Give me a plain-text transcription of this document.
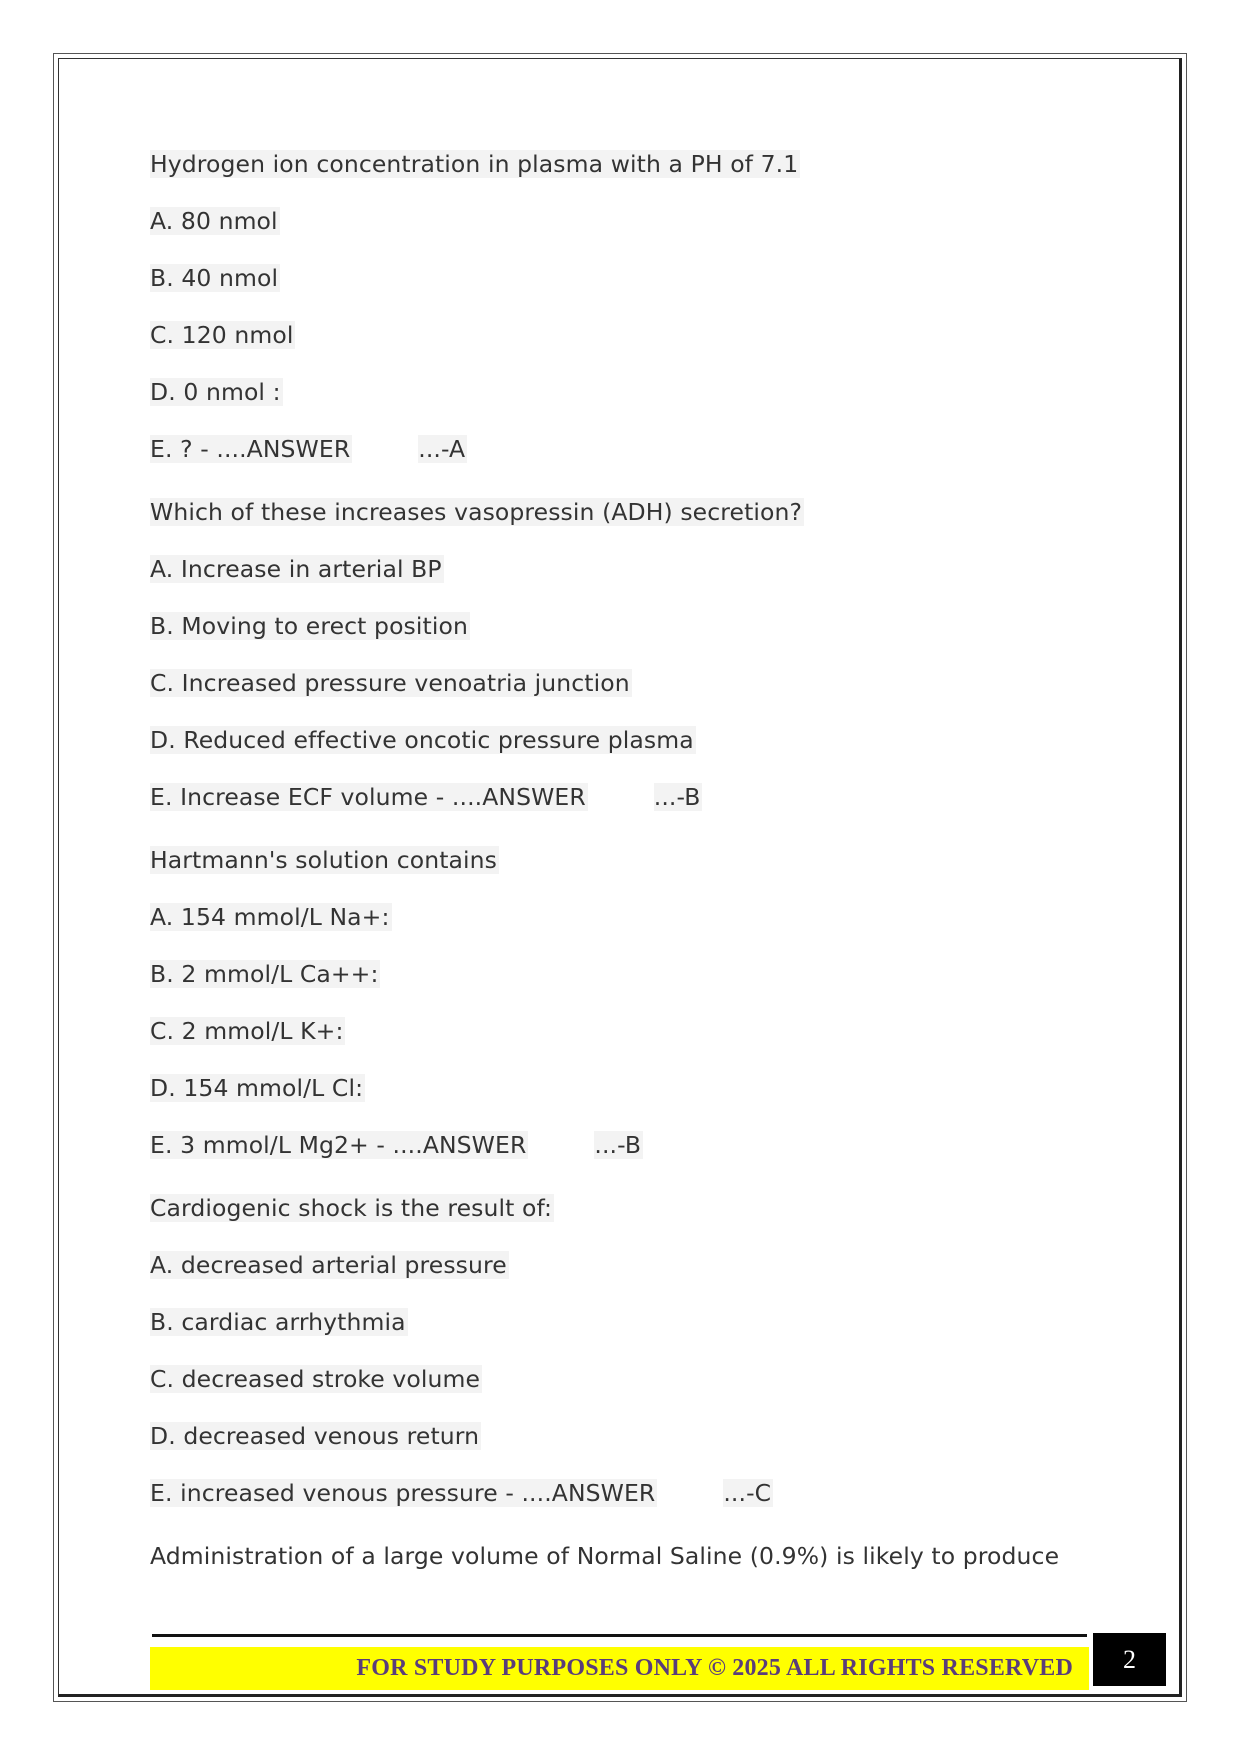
Hydrogen ion concentration in plasma with a PH of 7.1
A. 80 nmol
B. 40 nmol
C. 120 nmol
D. 0 nmol :
E. ? - ....ANSWER	...-A
Which of these increases vasopressin (ADH) secretion?
A. Increase in arterial BP
B. Moving to erect position
C. Increased pressure venoatria junction
D. Reduced effective oncotic pressure plasma
E. Increase ECF volume - ....ANSWER	...-B
Hartmann's solution contains
A. 154 mmol/L Na+:
B. 2 mmol/L Ca++:
C. 2 mmol/L K+:
D. 154 mmol/L Cl:
E. 3 mmol/L Mg2+ - ....ANSWER	...-B
Cardiogenic shock is the result of:
A. decreased arterial pressure
B. cardiac arrhythmia
C. decreased stroke volume
D. decreased venous return
E. increased venous pressure - ....ANSWER	...-C
Administration of a large volume of Normal Saline (0.9%) is likely to produce
FOR STUDY PURPOSES ONLY © 2025 ALL RIGHTS RESERVED	2
